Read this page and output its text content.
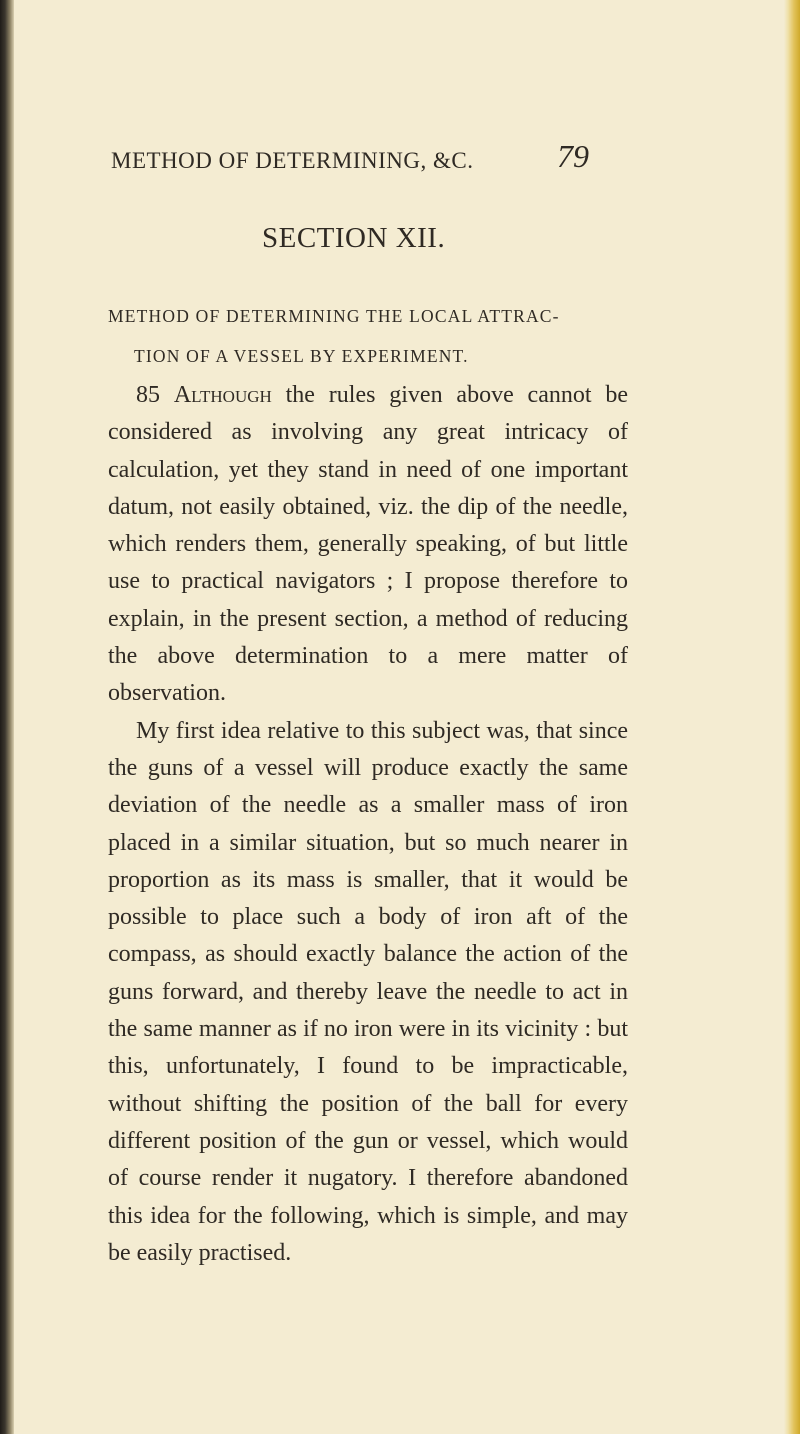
METHOD OF DETERMINING, &C.	79
SECTION XII.
METHOD OF DETERMINING THE LOCAL ATTRAC-
TION OF A VESSEL BY EXPERIMENT.

85 Although the rules given above cannot be considered as involving any great intricacy of calculation, yet they stand in need of one important datum, not easily obtained, viz. the dip of the needle, which renders them, generally speaking, of but little use to practical navigators ; I propose therefore to explain, in the present section, a method of reducing the above determination to a mere matter of observation.

My first idea relative to this subject was, that since the guns of a vessel will produce exactly the same deviation of the needle as a smaller mass of iron placed in a similar situation, but so much nearer in proportion as its mass is smaller, that it would be possible to place such a body of iron aft of the compass, as should exactly balance the action of the guns forward, and thereby leave the needle to act in the same manner as if no iron were in its vicinity : but this, unfortunately, I found to be impracticable, without shifting the position of the ball for every different position of the gun or vessel, which would of course render it nugatory. I therefore abandoned this idea for the following, which is simple, and may be easily practised.
